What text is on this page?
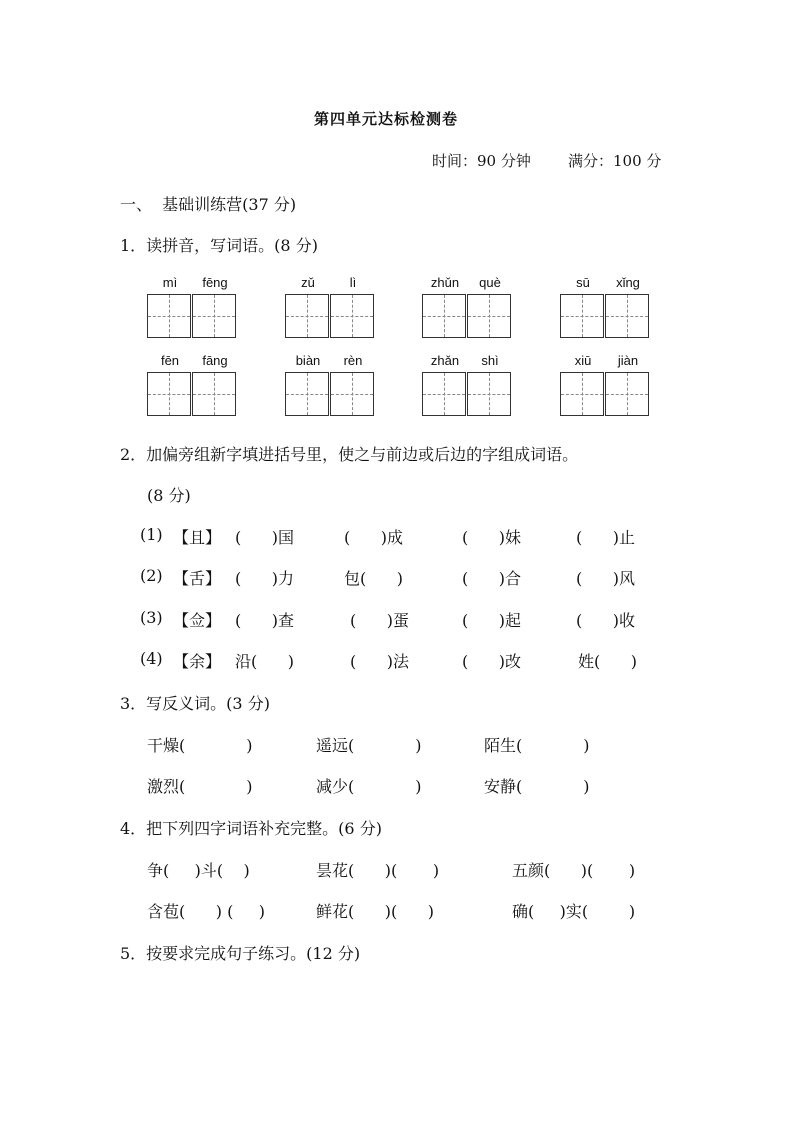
第四单元达标检测卷
时间：90 分钟 满分：100 分
一、  基础训练营(37 分)
1．读拼音，写词语。(8 分)
mì	fēng	zǔ	lì	zhǔn	què	sū	xǐng
fēn	fāng	biàn	rèn	zhǎn	shì	xiū	jiàn
2．加偏旁组新字填进括号里，使之与前边或后边的字组成词语。
(8 分)
(1) 【且】 (      )国	(      )成	(      )妹	(      )止
(2) 【舌】 (      )力	包(      )	(      )合	(      )风
(3) 【佥】 (      )查	(      )蛋	(      )起	(      )收
(4) 【余】 沿(      )	(      )法	(      )改	姓(      )
3．写反义词。(3 分)
干燥(            )	遥远(            )	陌生(            )
激烈(            )	减少(            )	安静(            )
4．把下列四字词语补充完整。(6 分)
争(     )斗(    )	昙花(      )(       )	五颜(      )(       )
含苞(      ) (     )	鲜花(      )(      )	确(     )实(        )
5．按要求完成句子练习。(12 分)
